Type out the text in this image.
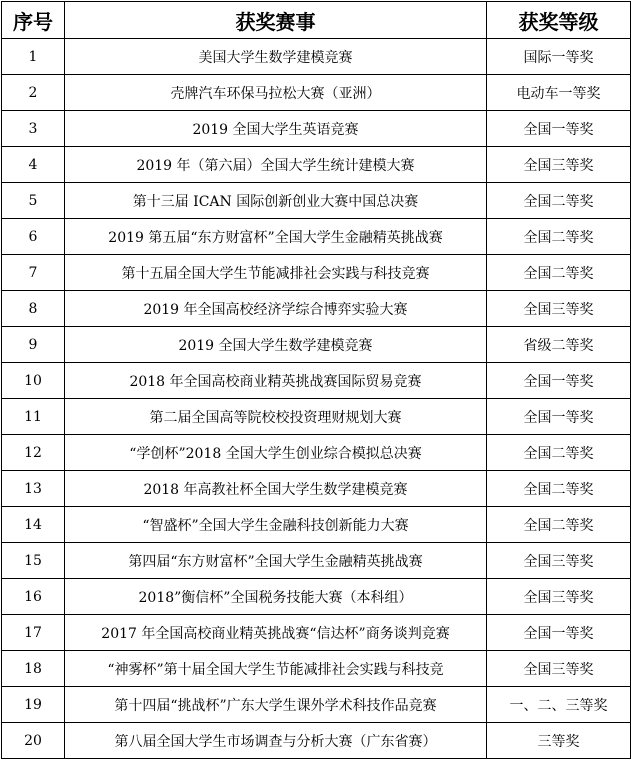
序号	获奖赛事	获奖等级
1	美国大学生数学建模竞赛	国际一等奖
2	壳牌汽车环保马拉松大赛（亚洲）	电动车一等奖
3	2019 全国大学生英语竞赛	全国一等奖
4	2019 年（第六届）全国大学生统计建模大赛	全国三等奖
5	第十三届 ICAN 国际创新创业大赛中国总决赛	全国二等奖
6	2019 第五届“东方财富杯”全国大学生金融精英挑战赛	全国二等奖
7	第十五届全国大学生节能减排社会实践与科技竞赛	全国二等奖
8	2019 年全国高校经济学综合博弈实验大赛	全国三等奖
9	2019 全国大学生数学建模竞赛	省级二等奖
10	2018 年全国高校商业精英挑战赛国际贸易竞赛	全国一等奖
11	第二届全国高等院校校投资理财规划大赛	全国一等奖
12	“学创杯”2018 全国大学生创业综合模拟总决赛	全国二等奖
13	2018 年高教社杯全国大学生数学建模竞赛	全国二等奖
14	“智盛杯”全国大学生金融科技创新能力大赛	全国二等奖
15	第四届“东方财富杯”全国大学生金融精英挑战赛	全国三等奖
16	2018”衡信杯”全国税务技能大赛（本科组）	全国三等奖
17	2017 年全国高校商业精英挑战赛“信达杯”商务谈判竞赛	全国一等奖
18	“神雾杯”第十届全国大学生节能减排社会实践与科技竞	全国三等奖
19	第十四届“挑战杯”广东大学生课外学术科技作品竞赛	一、二、三等奖
20	第八届全国大学生市场调查与分析大赛（广东省赛）	三等奖
